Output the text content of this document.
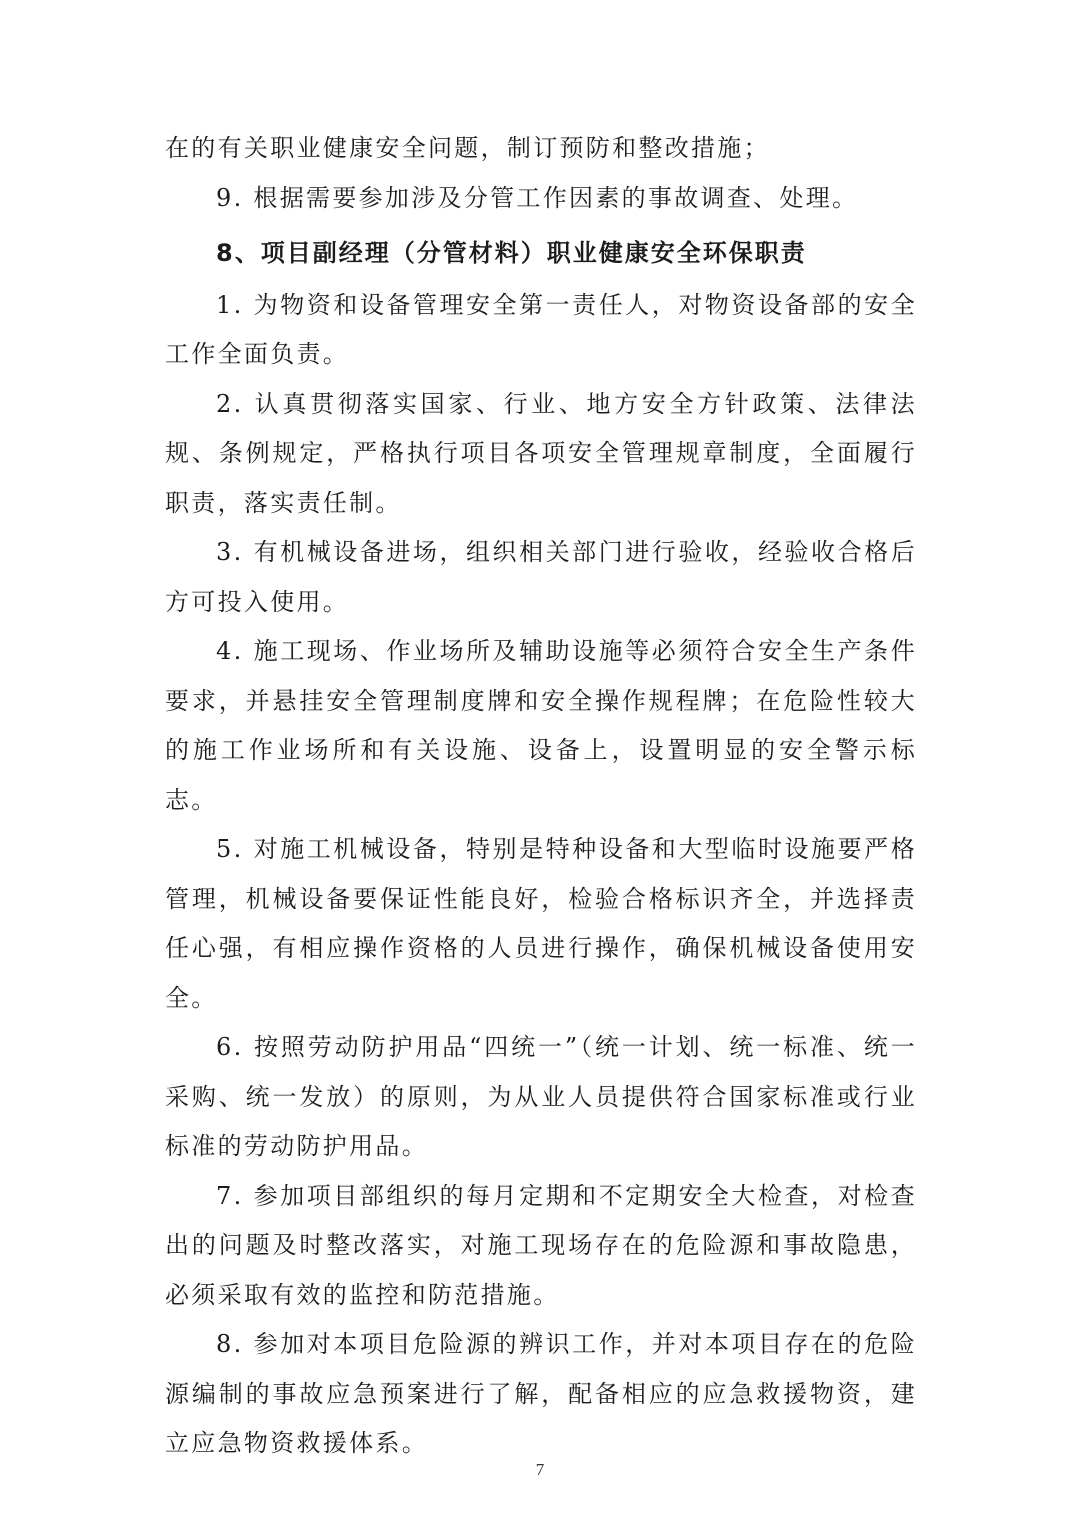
在的有关职业健康安全问题，制订预防和整改措施；

9. 根据需要参加涉及分管工作因素的事故调查、处理。

8、项目副经理（分管材料）职业健康安全环保职责

1. 为物资和设备管理安全第一责任人，对物资设备部的安全工作全面负责。

2. 认真贯彻落实国家、行业、地方安全方针政策、法律法规、条例规定，严格执行项目各项安全管理规章制度，全面履行职责，落实责任制。

3. 有机械设备进场，组织相关部门进行验收，经验收合格后方可投入使用。

4. 施工现场、作业场所及辅助设施等必须符合安全生产条件要求，并悬挂安全管理制度牌和安全操作规程牌；在危险性较大的施工作业场所和有关设施、设备上，设置明显的安全警示标志。

5. 对施工机械设备，特别是特种设备和大型临时设施要严格管理，机械设备要保证性能良好，检验合格标识齐全，并选择责任心强，有相应操作资格的人员进行操作，确保机械设备使用安全。

6. 按照劳动防护用品“四统一”（统一计划、统一标准、统一采购、统一发放）的原则，为从业人员提供符合国家标准或行业标准的劳动防护用品。

7. 参加项目部组织的每月定期和不定期安全大检查，对检查出的问题及时整改落实，对施工现场存在的危险源和事故隐患，必须采取有效的监控和防范措施。

8. 参加对本项目危险源的辨识工作，并对本项目存在的危险源编制的事故应急预案进行了解，配备相应的应急救援物资，建立应急物资救援体系。

7
